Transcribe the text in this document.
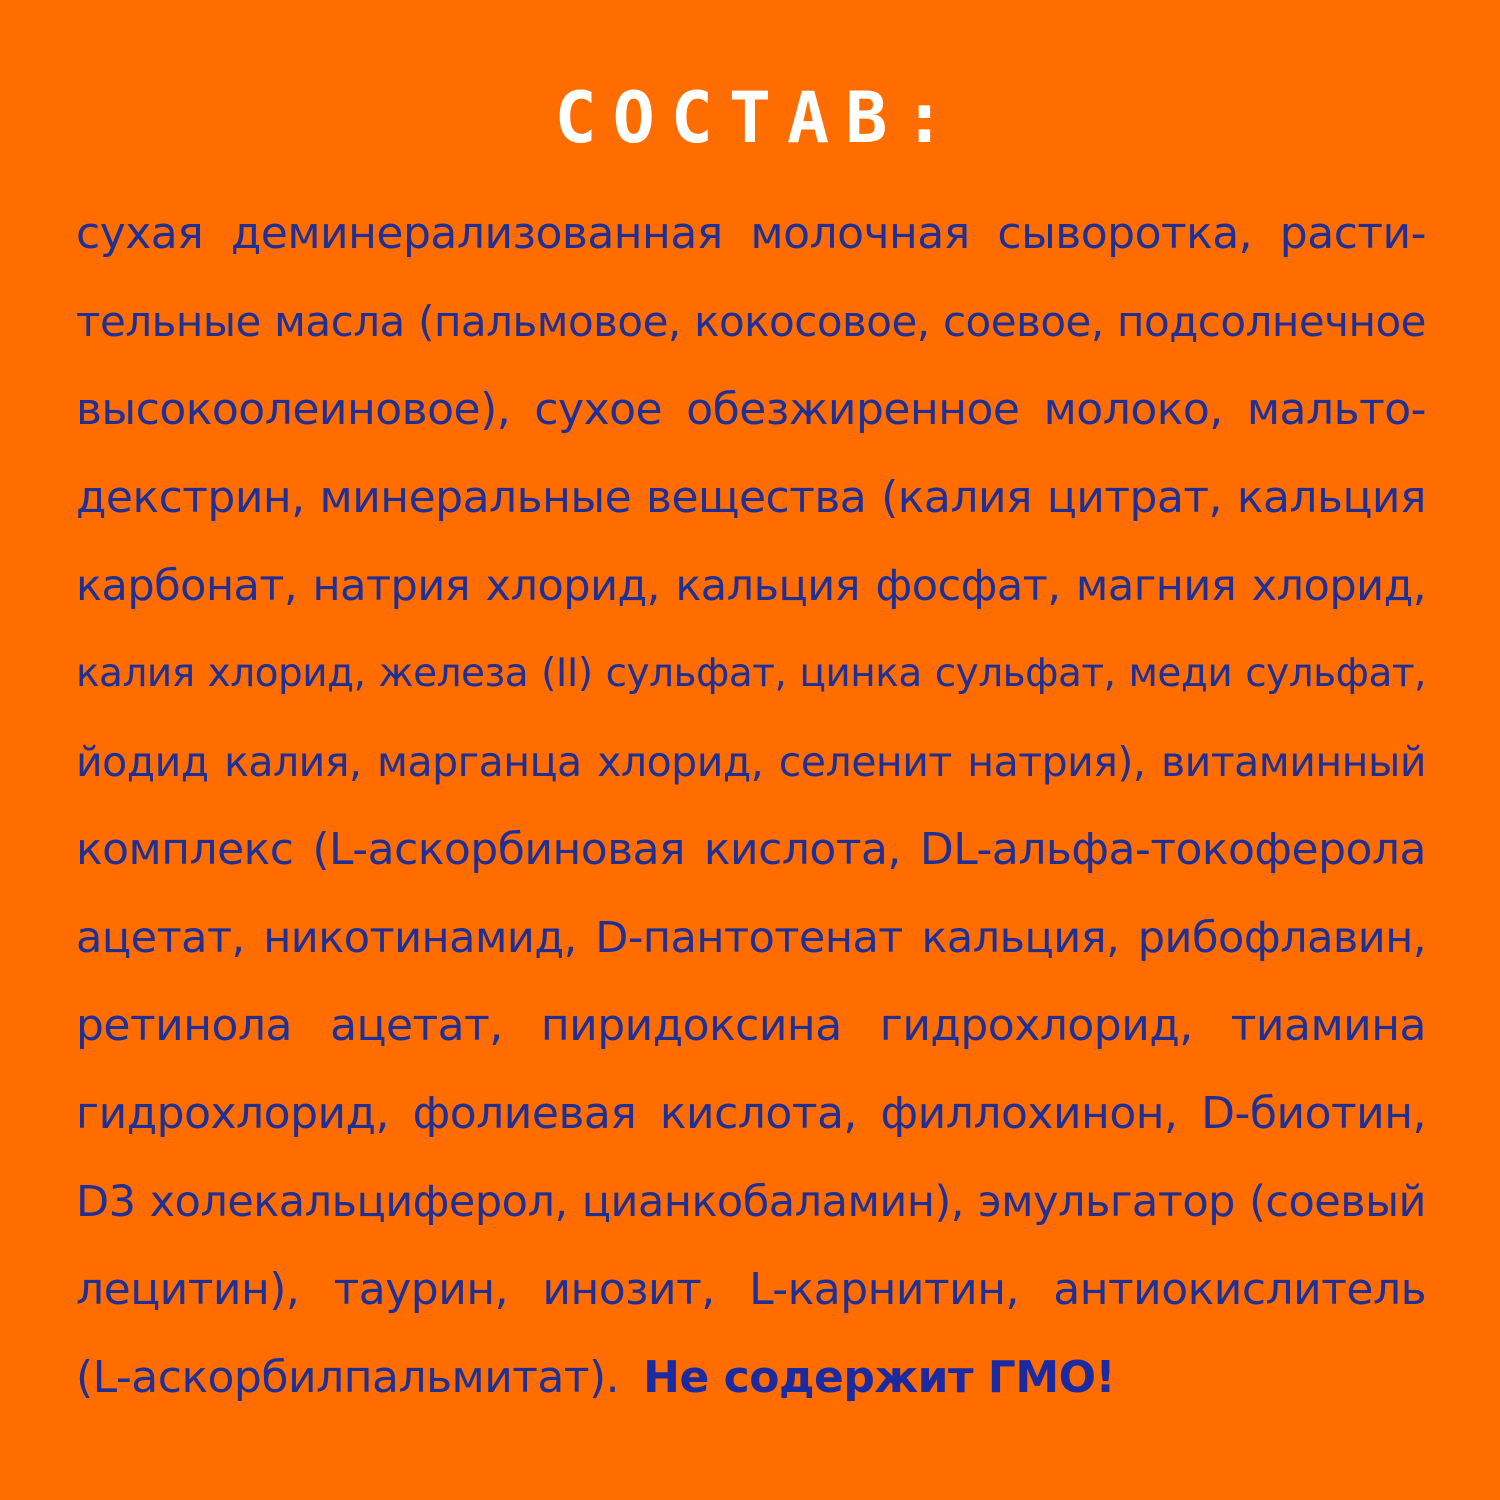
СОСТАВ:
сухая деминерализованная молочная сыворотка, расти-
тельные масла (пальмовое, кокосовое, соевое, подсолнечное
высокоолеиновое), сухое обезжиренное молоко, мальто-
декстрин, минеральные вещества (калия цитрат, кальция
карбонат, натрия хлорид, кальция фосфат, магния хлорид,
калия хлорид, железа (II) сульфат, цинка сульфат, меди сульфат,
йодид калия, марганца хлорид, селенит натрия), витаминный
комплекс (L-аскорбиновая кислота, DL-альфа-токоферола
ацетат, никотинамид, D-пантотенат кальция, рибофлавин,
ретинола ацетат, пиридоксина гидрохлорид, тиамина
гидрохлорид, фолиевая кислота, филлохинон, D-биотин,
D3 холекальциферол, цианкобаламин), эмульгатор (соевый
лецитин), таурин, инозит, L-карнитин, антиокислитель
(L-аскорбилпальмитат). Не содержит ГМО!
